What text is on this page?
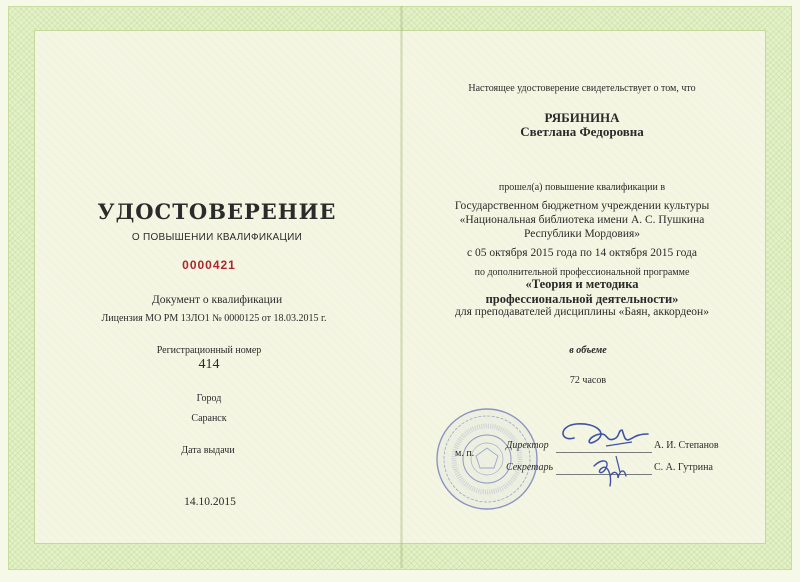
УДОСТОВЕРЕНИЕ
О ПОВЫШЕНИИ КВАЛИФИКАЦИИ
0000421
Документ о квалификации
Лицензия МО РМ 13ЛО1 № 0000125 от 18.03.2015 г.
Регистрационный номер
414
Город
Саранск
Дата выдачи
14.10.2015
Настоящее удостоверение свидетельствует о том, что
РЯБИНИНА
Светлана Федоровна
прошел(а) повышение квалификации в
Государственном бюджетном учреждении культуры
«Национальная библиотека имени А. С. Пушкина
Республики Мордовия»
с 05 октября 2015 года по 14 октября 2015 года
по дополнительной профессиональной программе
«Теория и методика
профессиональной деятельности»
для преподавателей дисциплины «Баян, аккордеон»
в объеме
72 часов
м. п.
Директор	А. И. Степанов
Секретарь	С. А. Гутрина
